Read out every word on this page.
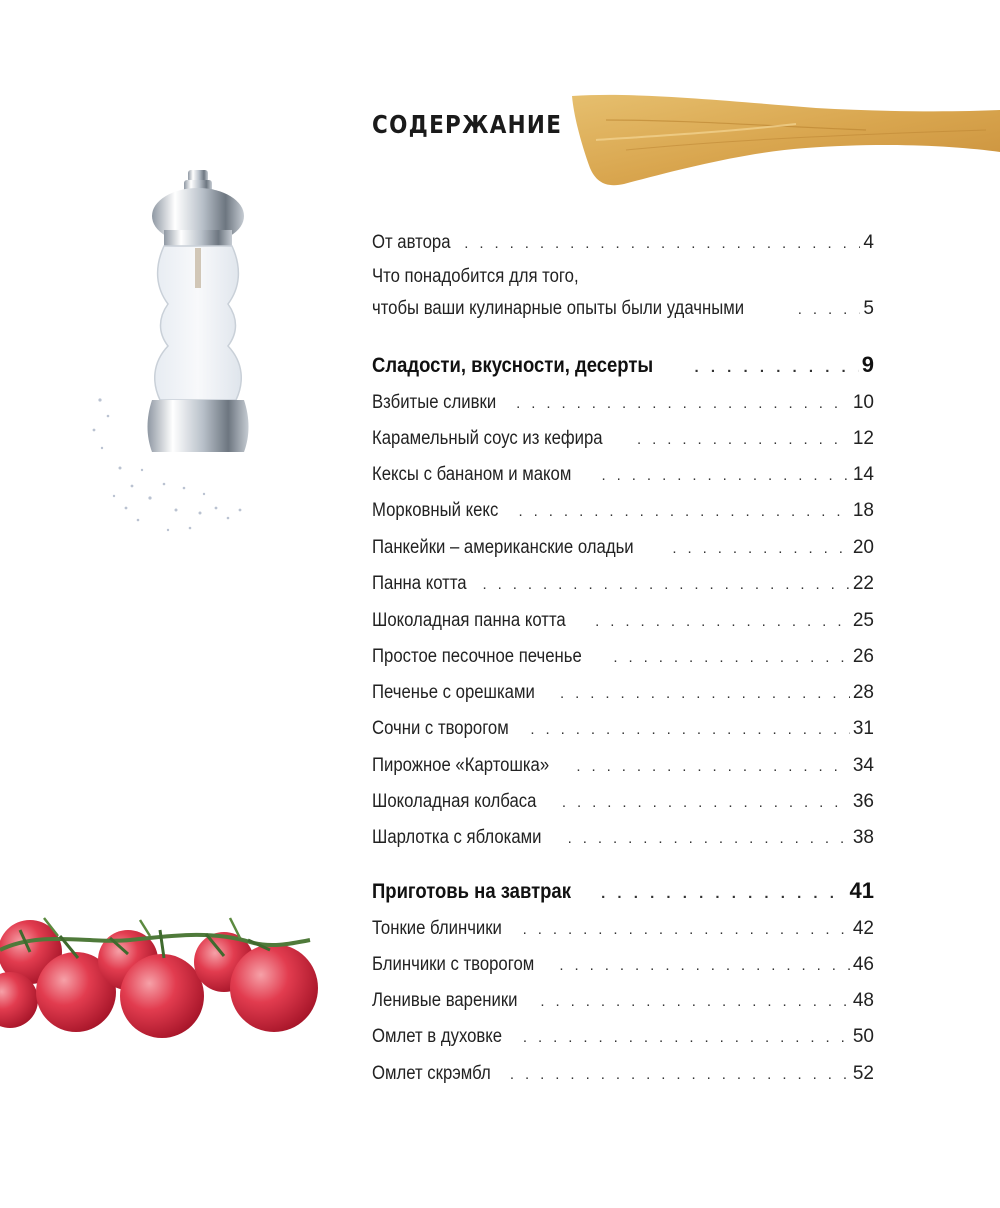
СОДЕРЖАНИЕ
От автора . . .	4
Что понадобится для того,
чтобы ваши кулинарные опыты были удачными . . .	5
Сладости, вкусности, десерты . . .	9
Взбитые сливки . . .	10
Карамельный соус из кефира . . .	12
Кексы с бананом и маком . . .	14
Морковный кекс . . .	18
Панкейки – американские оладьи . . .	20
Панна котта . . .	22
Шоколадная панна котта . . .	25
Простое песочное печенье . . .	26
Печенье с орешками . . .	28
Сочни с творогом . . .	31
Пирожное «Картошка» . . .	34
Шоколадная колбаса . . .	36
Шарлотка с яблоками . . .	38
Приготовь на завтрак . . .	41
Тонкие блинчики . . .	42
Блинчики с творогом . . .	46
Ленивые вареники . . .	48
Омлет в духовке . . .	50
Омлет скрэмбл . . .	52
